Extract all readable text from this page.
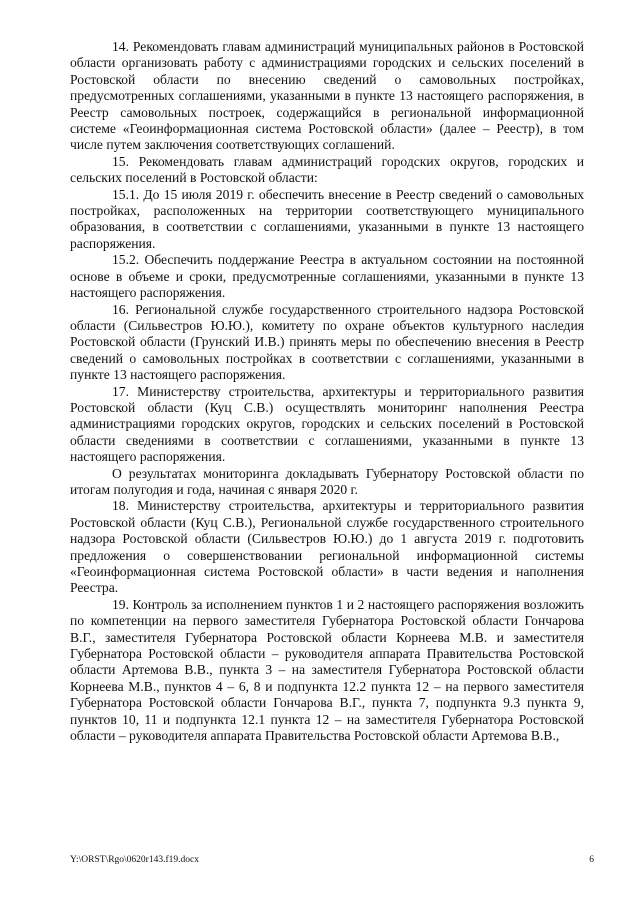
14. Рекомендовать главам администраций муниципальных районов в Ростовской области организовать работу с администрациями городских и сельских поселений в Ростовской области по внесению сведений о самовольных постройках, предусмотренных соглашениями, указанными в пункте 13 настоящего распоряжения, в Реестр самовольных построек, содержащийся в региональной информационной системе «Геоинформационная система Ростовской области» (далее – Реестр), в том числе путем заключения соответствующих соглашений.

15. Рекомендовать главам администраций городских округов, городских и сельских поселений в Ростовской области:

15.1. До 15 июля 2019 г. обеспечить внесение в Реестр сведений о самовольных постройках, расположенных на территории соответствующего муниципального образования, в соответствии с соглашениями, указанными в пункте 13 настоящего распоряжения.

15.2. Обеспечить поддержание Реестра в актуальном состоянии на постоянной основе в объеме и сроки, предусмотренные соглашениями, указанными в пункте 13 настоящего распоряжения.

16. Региональной службе государственного строительного надзора Ростовской области (Сильвестров Ю.Ю.), комитету по охране объектов культурного наследия Ростовской области (Грунский И.В.) принять меры по обеспечению внесения в Реестр сведений о самовольных постройках в соответствии с соглашениями, указанными в пункте 13 настоящего распоряжения.

17. Министерству строительства, архитектуры и территориального развития Ростовской области (Куц С.В.) осуществлять мониторинг наполнения Реестра администрациями городских округов, городских и сельских поселений в Ростовской области сведениями в соответствии с соглашениями, указанными в пункте 13 настоящего распоряжения.

О результатах мониторинга докладывать Губернатору Ростовской области по итогам полугодия и года, начиная с января 2020 г.

18. Министерству строительства, архитектуры и территориального развития Ростовской области (Куц С.В.), Региональной службе государственного строительного надзора Ростовской области (Сильвестров Ю.Ю.) до 1 августа 2019 г. подготовить предложения о совершенствовании региональной информационной системы «Геоинформационная система Ростовской области» в части ведения и наполнения Реестра.

19. Контроль за исполнением пунктов 1 и 2 настоящего распоряжения возложить по компетенции на первого заместителя Губернатора Ростовской области Гончарова В.Г., заместителя Губернатора Ростовской области Корнеева М.В. и заместителя Губернатора Ростовской области – руководителя аппарата Правительства Ростовской области Артемова В.В., пункта 3 – на заместителя Губернатора Ростовской области Корнеева М.В., пунктов 4 – 6, 8 и подпункта 12.2 пункта 12 – на первого заместителя Губернатора Ростовской области Гончарова В.Г., пункта 7, подпункта 9.3 пункта 9, пунктов 10, 11 и подпункта 12.1 пункта 12 – на заместителя Губернатора Ростовской области – руководителя аппарата Правительства Ростовской области Артемова В.В.,

Y:\ORST\Rgo\0620r143.f19.docx	6
